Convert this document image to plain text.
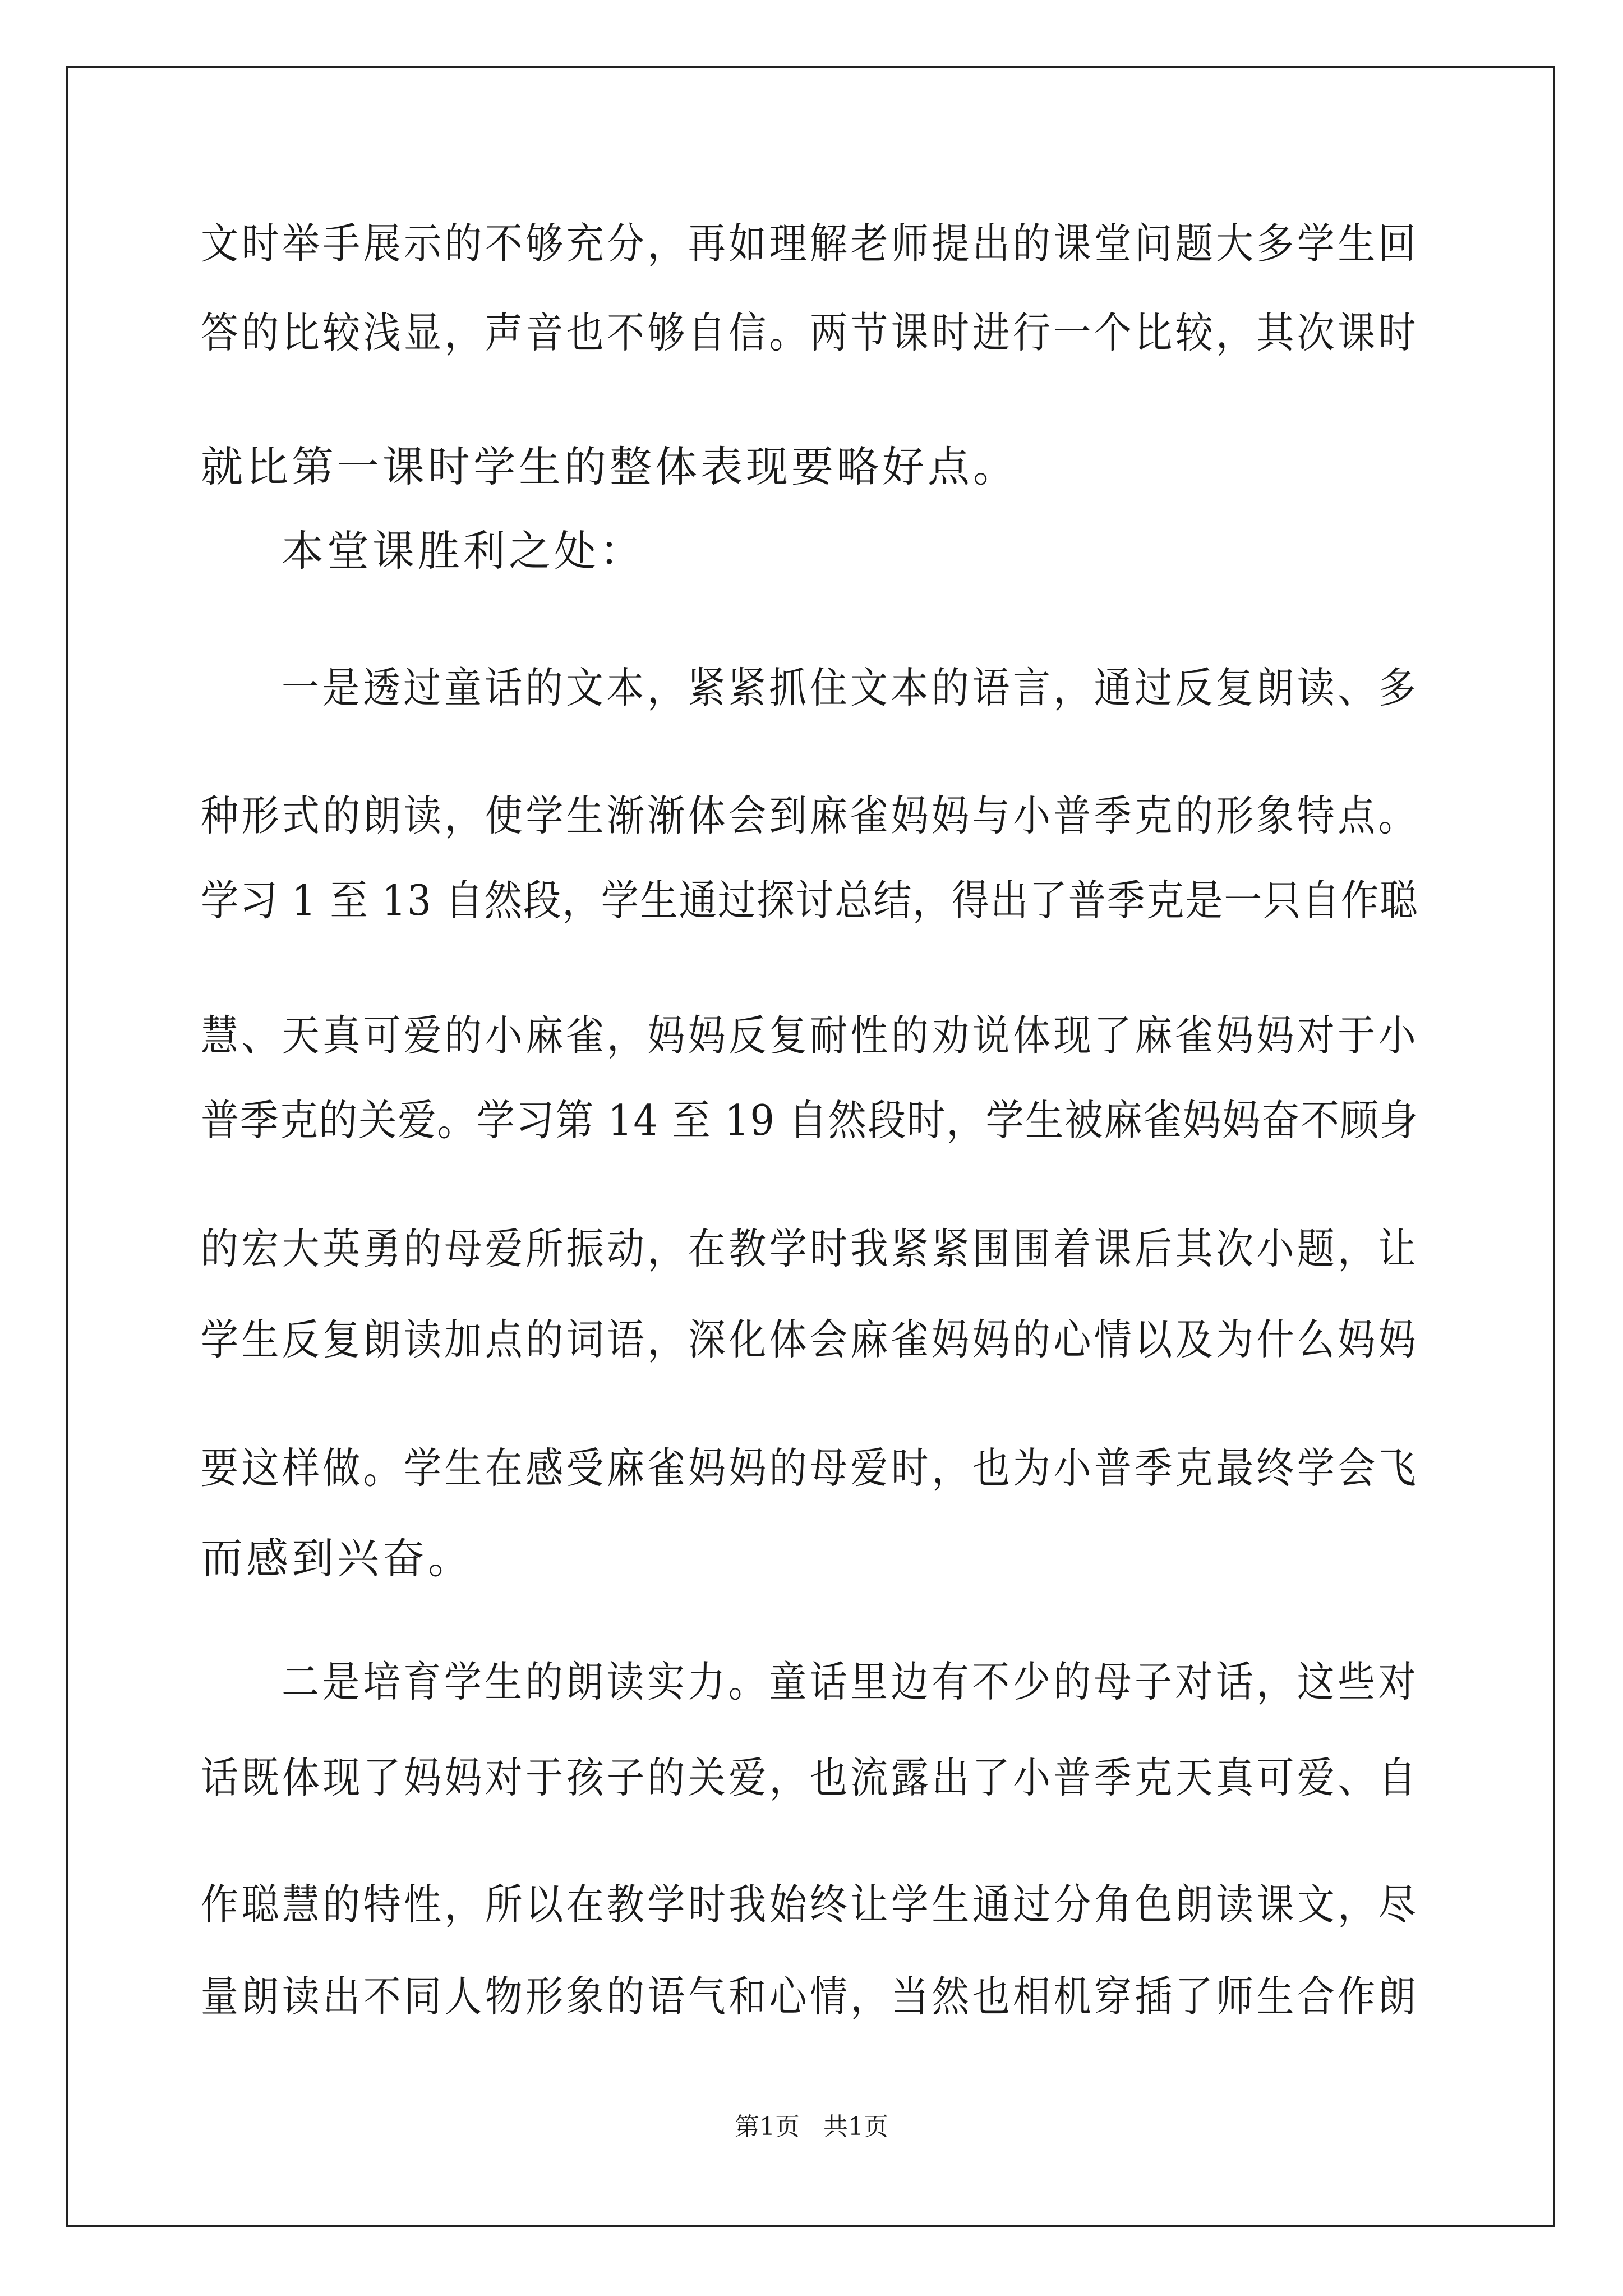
文时举手展示的不够充分，再如理解老师提出的课堂问题大多学生回
答的比较浅显，声音也不够自信。两节课时进行一个比较，其次课时
就比第一课时学生的整体表现要略好点。
本堂课胜利之处：
一是透过童话的文本，紧紧抓住文本的语言，通过反复朗读、多
种形式的朗读，使学生渐渐体会到麻雀妈妈与小普季克的形象特点。
学习 1 至 13 自然段，学生通过探讨总结，得出了普季克是一只自作聪
慧、天真可爱的小麻雀，妈妈反复耐性的劝说体现了麻雀妈妈对于小
普季克的关爱。学习第 14 至 19 自然段时，学生被麻雀妈妈奋不顾身
的宏大英勇的母爱所振动，在教学时我紧紧围围着课后其次小题，让
学生反复朗读加点的词语，深化体会麻雀妈妈的心情以及为什么妈妈
要这样做。学生在感受麻雀妈妈的母爱时，也为小普季克最终学会飞
而感到兴奋。
二是培育学生的朗读实力。童话里边有不少的母子对话，这些对
话既体现了妈妈对于孩子的关爱，也流露出了小普季克天真可爱、自
作聪慧的特性，所以在教学时我始终让学生通过分角色朗读课文，尽
量朗读出不同人物形象的语气和心情，当然也相机穿插了师生合作朗
第1页   共1页
